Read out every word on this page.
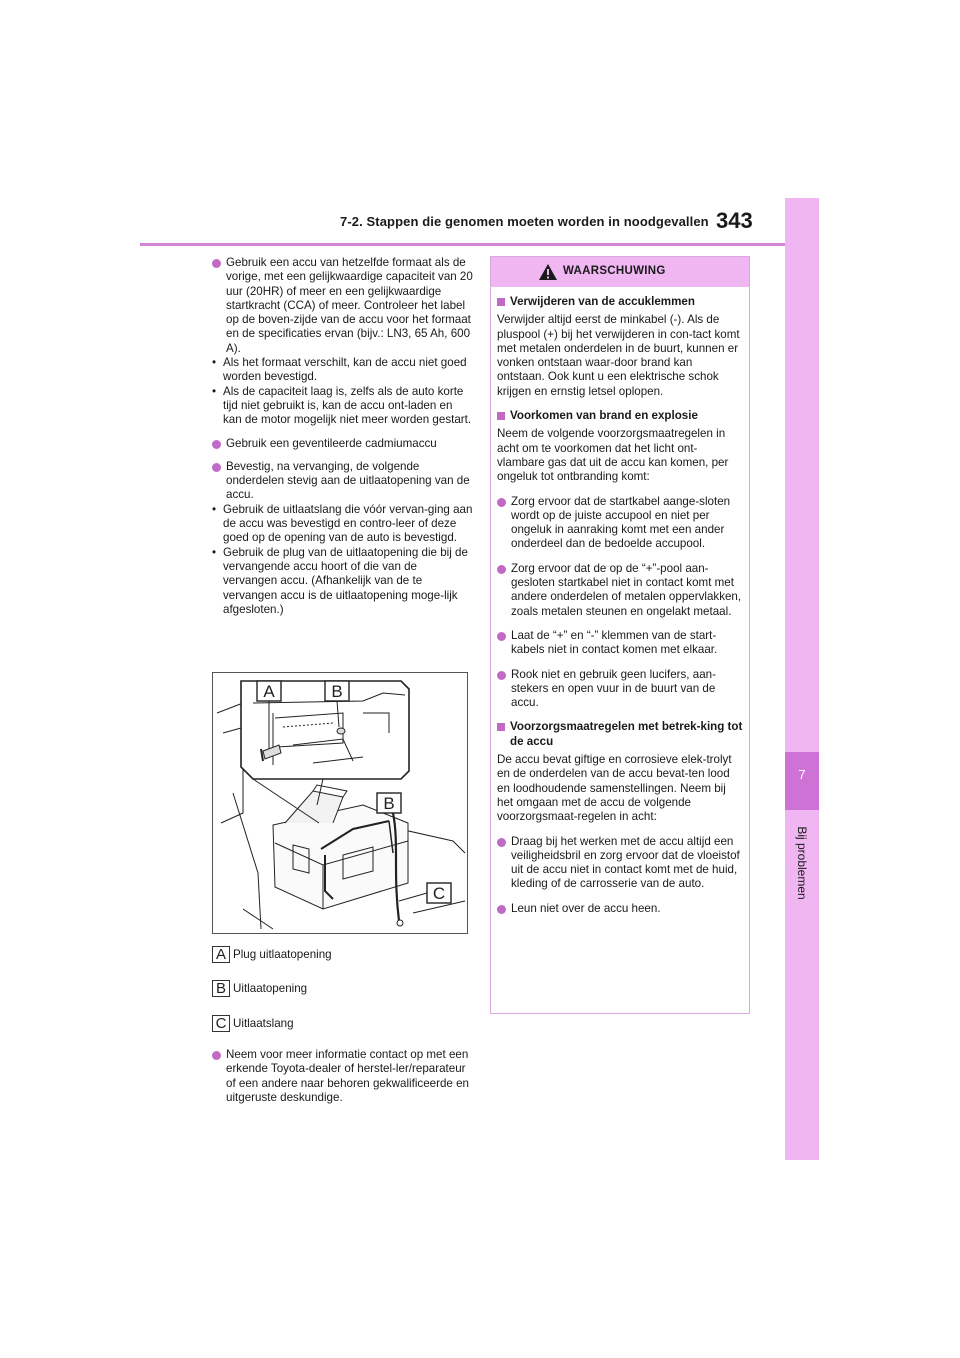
7
Bij problemen
7-2. Stappen die genomen moeten worden in noodgevallen 343
Gebruik een accu van hetzelfde formaat als de vorige, met een gelijkwaardige capaciteit van 20 uur (20HR) of meer en een gelijkwaardige startkracht (CCA) of meer. Controleer het label op de boven-zijde van de accu voor het formaat en de specificaties ervan (bijv.: LN3, 65 Ah, 600 A).
• Als het formaat verschilt, kan de accu niet goed worden bevestigd.
• Als de capaciteit laag is, zelfs als de auto korte tijd niet gebruikt is, kan de accu ont-laden en kan de motor mogelijk niet meer worden gestart.
Gebruik een geventileerde cadmiumaccu
Bevestig, na vervanging, de volgende onderdelen stevig aan de uitlaatopening van de accu.
• Gebruik de uitlaatslang die vóór vervan-ging aan de accu was bevestigd en contro-leer of deze goed op de opening van de auto is bevestigd.
• Gebruik de plug van de uitlaatopening die bij de vervangende accu hoort of die van de vervangen accu. (Afhankelijk van de te vervangen accu is de uitlaatopening moge-lijk afgesloten.)
A	B
B
C
A Plug uitlaatopening
B Uitlaatopening
C Uitlaatslang
Neem voor meer informatie contact op met een erkende Toyota-dealer of herstel-ler/reparateur of een andere naar behoren gekwalificeerde en uitgeruste deskundige.
WAARSCHUWING
Verwijderen van de accuklemmen
Verwijder altijd eerst de minkabel (-). Als de pluspool (+) bij het verwijderen in con-tact komt met metalen onderdelen in de buurt, kunnen er vonken ontstaan waar-door brand kan ontstaan. Ook kunt u een elektrische schok krijgen en ernstig letsel oplopen.
Voorkomen van brand en explosie
Neem de volgende voorzorgsmaatregelen in acht om te voorkomen dat het licht ont-vlambare gas dat uit de accu kan komen, per ongeluk tot ontbranding komt:
Zorg ervoor dat de startkabel aange-sloten wordt op de juiste accupool en niet per ongeluk in aanraking komt met een ander onderdeel dan de bedoelde accupool.
Zorg ervoor dat de op de “+”-pool aan-gesloten startkabel niet in contact komt met andere onderdelen of metalen oppervlakken, zoals metalen steunen en ongelakt metaal.
Laat de “+” en “-” klemmen van de start-kabels niet in contact komen met elkaar.
Rook niet en gebruik geen lucifers, aan-stekers en open vuur in de buurt van de accu.
Voorzorgsmaatregelen met betrek-king tot de accu
De accu bevat giftige en corrosieve elek-trolyt en de onderdelen van de accu bevat-ten lood en loodhoudende samenstellingen. Neem bij het omgaan met de accu de volgende voorzorgsmaat-regelen in acht:
Draag bij het werken met de accu altijd een veiligheidsbril en zorg ervoor dat de vloeistof uit de accu niet in contact komt met de huid, kleding of de carrosserie van de auto.
Leun niet over de accu heen.
